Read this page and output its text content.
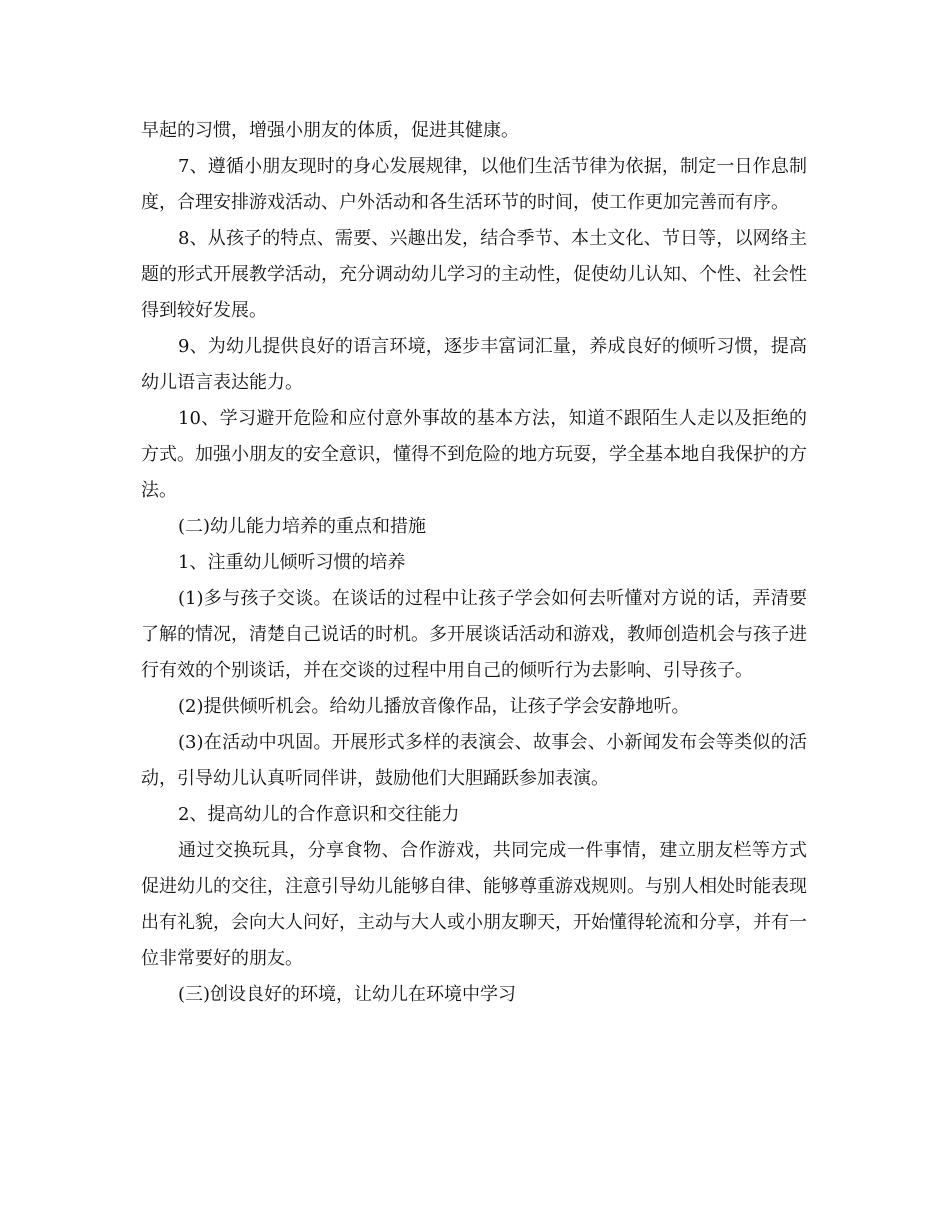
早起的习惯，增强小朋友的体质，促进其健康。

7、遵循小朋友现时的身心发展规律，以他们生活节律为依据，制定一日作息制度，合理安排游戏活动、户外活动和各生活环节的时间，使工作更加完善而有序。

8、从孩子的特点、需要、兴趣出发，结合季节、本土文化、节日等，以网络主题的形式开展教学活动，充分调动幼儿学习的主动性，促使幼儿认知、个性、社会性得到较好发展。

9、为幼儿提供良好的语言环境，逐步丰富词汇量，养成良好的倾听习惯，提高幼儿语言表达能力。

10、学习避开危险和应付意外事故的基本方法，知道不跟陌生人走以及拒绝的方式。加强小朋友的安全意识，懂得不到危险的地方玩耍，学全基本地自我保护的方法。

(二)幼儿能力培养的重点和措施

1、注重幼儿倾听习惯的培养

(1)多与孩子交谈。在谈话的过程中让孩子学会如何去听懂对方说的话，弄清要了解的情况，清楚自己说话的时机。多开展谈话活动和游戏，教师创造机会与孩子进行有效的个别谈话，并在交谈的过程中用自己的倾听行为去影响、引导孩子。

(2)提供倾听机会。给幼儿播放音像作品，让孩子学会安静地听。

(3)在活动中巩固。开展形式多样的表演会、故事会、小新闻发布会等类似的活动，引导幼儿认真听同伴讲，鼓励他们大胆踊跃参加表演。

2、提高幼儿的合作意识和交往能力

通过交换玩具，分享食物、合作游戏，共同完成一件事情，建立朋友栏等方式促进幼儿的交往，注意引导幼儿能够自律、能够尊重游戏规则。与别人相处时能表现出有礼貌，会向大人问好，主动与大人或小朋友聊天，开始懂得轮流和分享，并有一位非常要好的朋友。

(三)创设良好的环境，让幼儿在环境中学习
